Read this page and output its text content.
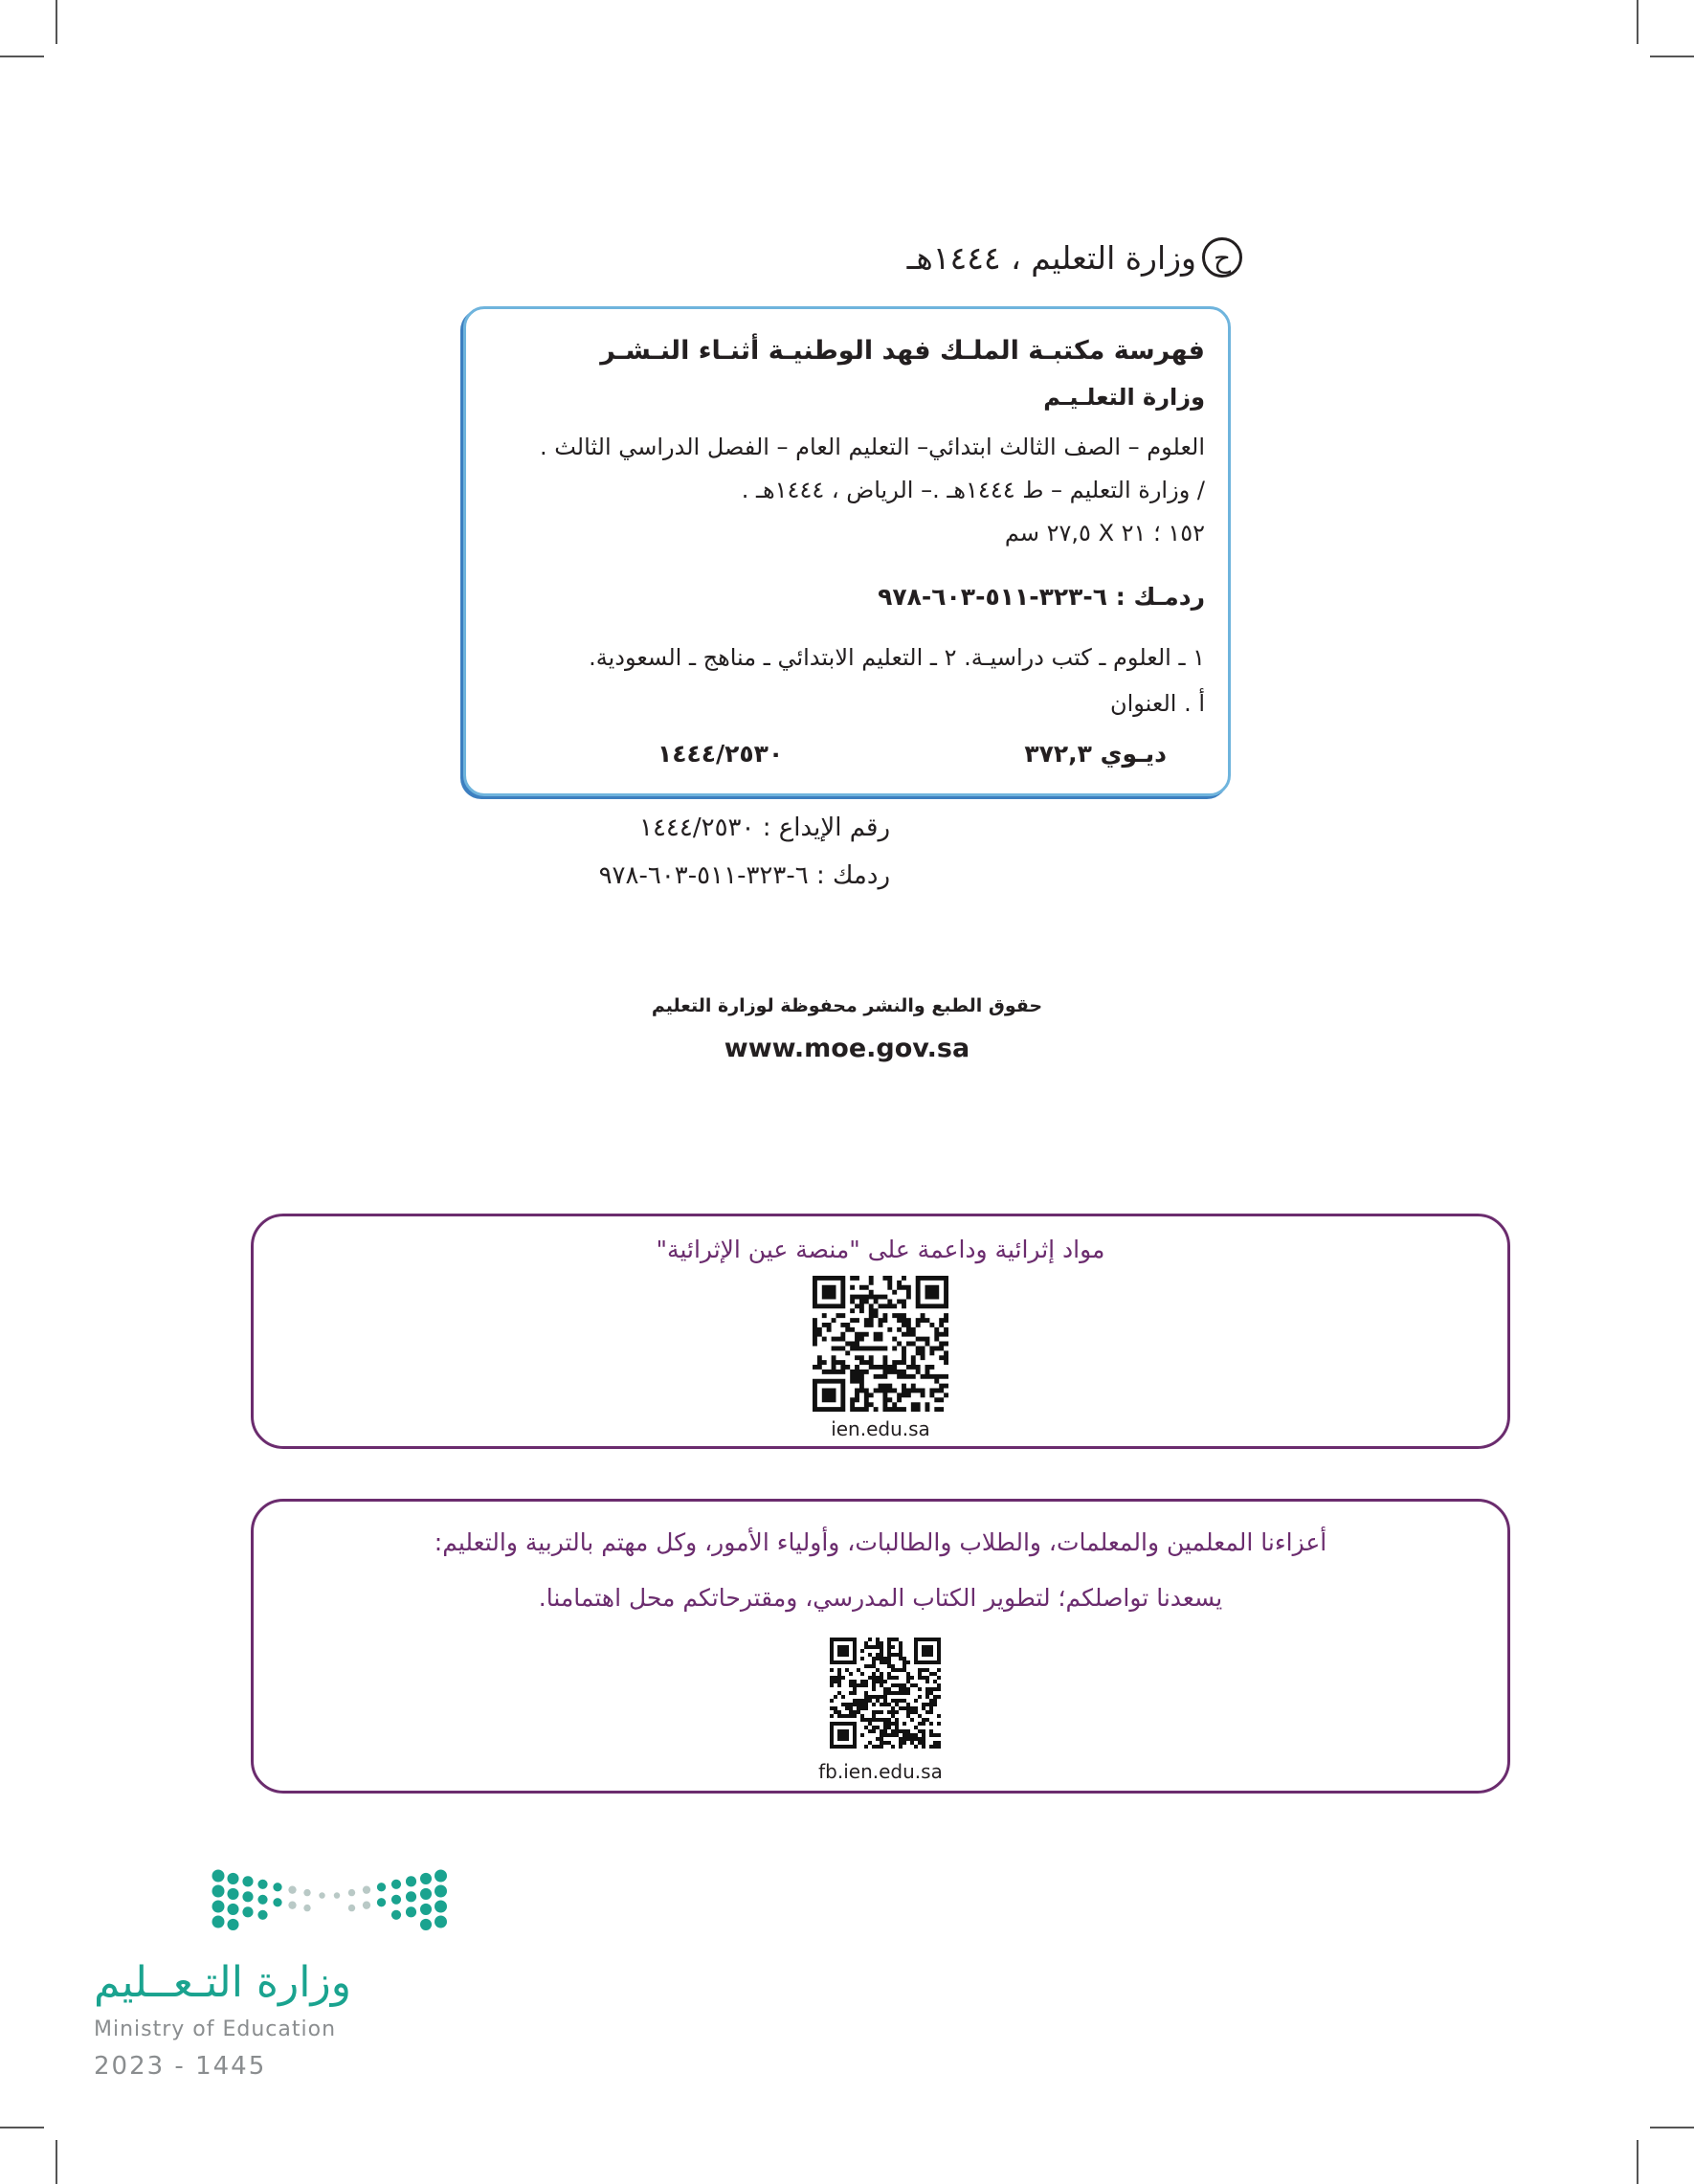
ح
وزارة التعليم ، ١٤٤٤هـ
فهرسة مكتبـة الملـك فهد الوطنيـة أثنـاء النـشـر
وزارة التعلـيـم
العلوم – الصف الثالث ابتدائي– التعليم العام – الفصل الدراسي الثالث .
/ وزارة التعليم – ط ١٤٤٤هـ .– الرياض ، ١٤٤٤هـ .
١٥٢ ؛ ٢١ X ٢٧,٥ سم
ردمـك : ٦-٣٢٣-٥١١-٦٠٣-٩٧٨
١ ـ العلوم ـ كتب دراسيـة. ٢ ـ التعليم الابتدائي ـ مناهج ـ السعودية.
أ . العنوان
ديـوي ٣٧٢,٣
١٤٤٤/٢٥٣٠
رقم الإيداع : ١٤٤٤/٢٥٣٠
ردمك : ٦-٣٢٣-٥١١-٦٠٣-٩٧٨
حقوق الطبع والنشر محفوظة لوزارة التعليم
www.moe.gov.sa
مواد إثرائية وداعمة على "منصة عين الإثرائية"
ien.edu.sa
أعزاءنا المعلمين والمعلمات، والطلاب والطالبات، وأولياء الأمور، وكل مهتم بالتربية والتعليم:
يسعدنا تواصلكم؛ لتطوير الكتاب المدرسي، ومقترحاتكم محل اهتمامنا.
fb.ien.edu.sa
وزارة التـعــليم
Ministry of Education
2023 - 1445
